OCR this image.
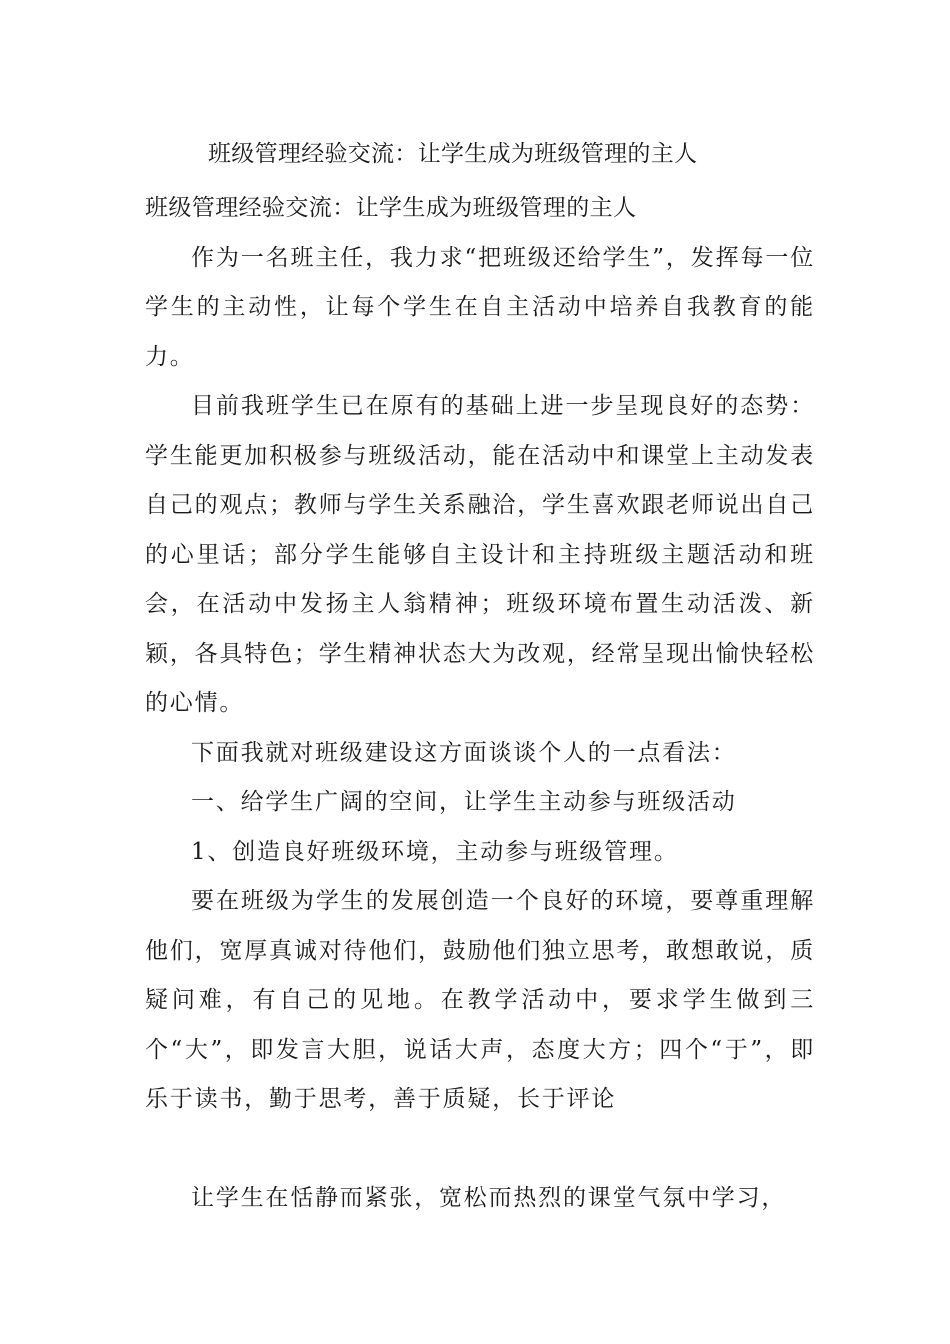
班级管理经验交流：让学生成为班级管理的主人

班级管理经验交流：让学生成为班级管理的主人

作为一名班主任，我力求“把班级还给学生”，发挥每一位学生的主动性，让每个学生在自主活动中培养自我教育的能力。

目前我班学生已在原有的基础上进一步呈现良好的态势：学生能更加积极参与班级活动，能在活动中和课堂上主动发表自己的观点；教师与学生关系融洽，学生喜欢跟老师说出自己的心里话；部分学生能够自主设计和主持班级主题活动和班会，在活动中发扬主人翁精神；班级环境布置生动活泼、新颖，各具特色；学生精神状态大为改观，经常呈现出愉快轻松的心情。

下面我就对班级建设这方面谈谈个人的一点看法：

一、给学生广阔的空间，让学生主动参与班级活动

1、创造良好班级环境，主动参与班级管理。

要在班级为学生的发展创造一个良好的环境，要尊重理解他们，宽厚真诚对待他们，鼓励他们独立思考，敢想敢说，质疑问难，有自己的见地。在教学活动中，要求学生做到三个“大”，即发言大胆，说话大声，态度大方；四个“于”，即乐于读书，勤于思考，善于质疑，长于评论

让学生在恬静而紧张，宽松而热烈的课堂气氛中学习，
